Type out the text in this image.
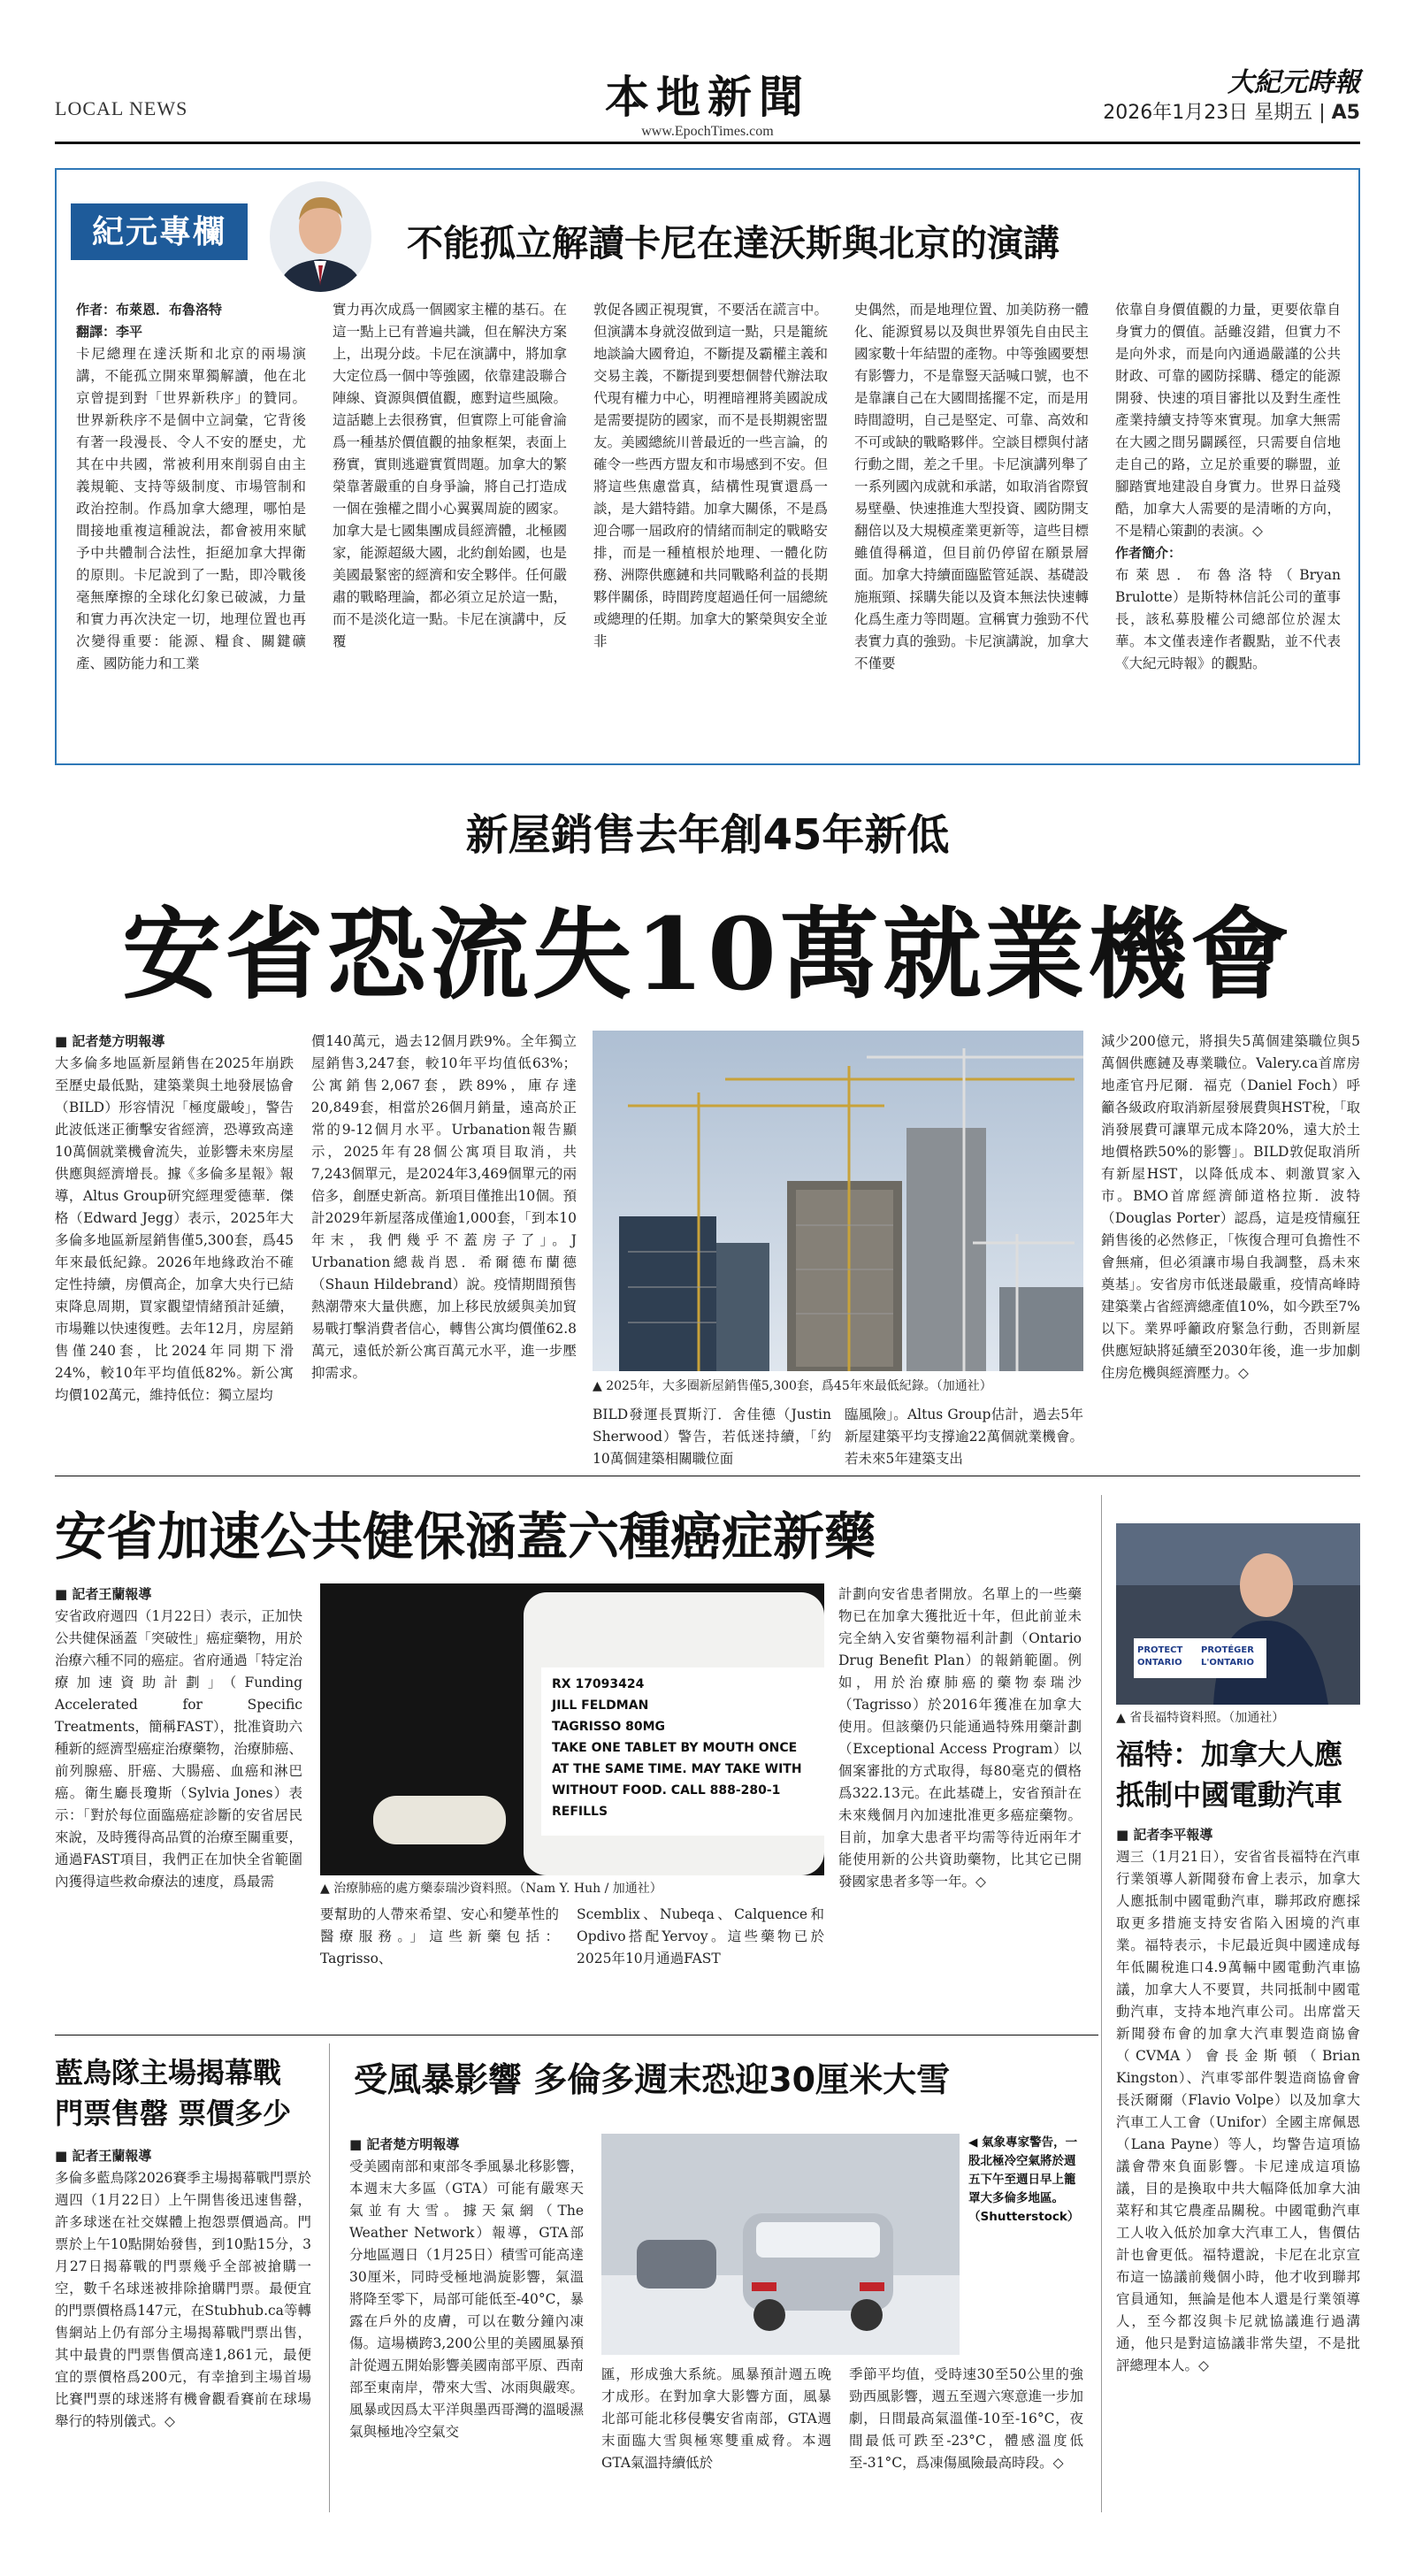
LOCAL NEWS	本地新聞
www.EpochTimes.com
大紀元時報
2026年1月23日 星期五 | A5
紀元專欄	不能孤立解讀卡尼在達沃斯與北京的演講
作者：布萊恩．布魯洛特
翻譯：李平

卡尼總理在達沃斯和北京的兩場演講，不能孤立開來單獨解讀，他在北京曾提到對「世界新秩序」的贊同。世界新秩序不是個中立詞彙，它背後有著一段漫長、令人不安的歷史，尤其在中共國，常被利用來削弱自由主義規範、支持等級制度、市場管制和政治控制。作爲加拿大總理，哪怕是間接地重複這種說法，都會被用來賦予中共體制合法性，拒絕加拿大捍衛的原則。卡尼說到了一點，即冷戰後毫無摩擦的全球化幻象已破滅，力量和實力再次決定一切，地理位置也再次變得重要：能源、糧食、關鍵礦產、國防能力和工業

實力再次成爲一個國家主權的基石。在這一點上已有普遍共識，但在解決方案上，出現分歧。卡尼在演講中，將加拿大定位爲一個中等強國，依靠建設聯合陣線、資源與價值觀，應對這些風險。這話聽上去很務實，但實際上可能會淪爲一種基於價值觀的抽象框架，表面上務實，實則逃避實質問題。加拿大的繁榮靠著嚴重的自身爭論，將自己打造成一個在強權之間小心翼翼周旋的國家。加拿大是七國集團成員經濟體，北極國家，能源超級大國，北約創始國，也是美國最緊密的經濟和安全夥伴。任何嚴肅的戰略理論，都必須立足於這一點，而不是淡化這一點。卡尼在演講中，反覆
敦促各國正視現實，不要活在謊言中。但演講本身就沒做到這一點，只是籠統地談論大國脅迫，不斷提及霸權主義和交易主義，不斷提到要想個替代辦法取代現有權力中心，明裡暗裡將美國說成是需要提防的國家，而不是長期親密盟友。美國總統川普最近的一些言論，的確令一些西方盟友和市場感到不安。但將這些焦慮當真，結構性現實還爲一談，是大錯特錯。加拿大關係，不是爲迎合哪一屆政府的情緒而制定的戰略安排，而是一種植根於地理、一體化防務、洲際供應鏈和共同戰略利益的長期夥伴關係，時間跨度超過任何一屆總統或總理的任期。加拿大的繁榮與安全並非
史偶然，而是地理位置、加美防務一體化、能源貿易以及與世界領先自由民主國家數十年結盟的產物。中等強國要想有影響力，不是靠豎天話喊口號，也不是靠讓自己在大國間搖擺不定，而是用時間證明，自己是堅定、可靠、高效和不可或缺的戰略夥伴。空談目標與付諸行動之間，差之千里。卡尼演講列舉了一系列國內成就和承諾，如取消省際貿易壁壘、快速推進大型投資、國防開支翻倍以及大規模產業更新等，這些目標雖值得稱道，但目前仍停留在願景層面。加拿大持續面臨監管延誤、基礎設施瓶頸、採購失能以及資本無法快速轉化爲生產力等問題。宣稱實力強勁不代表實力真的強勁。卡尼演講說，加拿大不僅要

依靠自身價值觀的力量，更要依靠自身實力的價值。話雖沒錯，但實力不是向外求，而是向內通過嚴謹的公共財政、可靠的國防採購、穩定的能源開發、快速的項目審批以及對生產性產業持續支持等來實現。加拿大無需在大國之間另闢蹊徑，只需要自信地走自己的路，立足於重要的聯盟，並腳踏實地建設自身實力。世界日益殘酷，加拿大人需要的是清晰的方向，不是精心策劃的表演。◇

作者簡介：

布萊恩．布魯洛特（Bryan Brulotte）是斯特林信託公司的董事長，該私募股權公司總部位於渥太華。本文僅表達作者觀點，並不代表《大紀元時報》的觀點。

新屋銷售去年創45年新低
安省恐流失10萬就業機會
■ 記者楚方明報導

大多倫多地區新屋銷售在2025年崩跌至歷史最低點，建築業與土地發展協會（BILD）形容情況「極度嚴峻」，警告此波低迷正衝擊安省經濟，恐導致高達10萬個就業機會流失，並影響未來房屋供應與經濟增長。據《多倫多星報》報導，Altus Group研究經理愛德華．傑格（Edward Jegg）表示，2025年大多倫多地區新屋銷售僅5,300套，爲45年來最低紀錄。2026年地緣政治不確定性持續，房價高企，加拿大央行已結束降息周期，買家觀望情緒預計延續，市場難以快速復甦。去年12月，房屋銷售僅240套，比2024年同期下滑24%，較10年平均值低82%。新公寓均價102萬元，維持低位：獨立屋均

價140萬元，過去12個月跌9%。全年獨立屋銷售3,247套，較10年平均值低63%；公寓銷售2,067套，跌89%，庫存達20,849套，相當於26個月銷量，遠高於正常的9-12個月水平。Urbanation報告顯示，2025年有28個公寓項目取消，共7,243個單元，是2024年3,469個單元的兩倍多，創歷史新高。新項目僅推出10個。預計2029年新屋落成僅逾1,000套，「到本10年末，我們幾乎不蓋房子了」。J Urbanation總裁肖恩．希爾德布蘭德（Shaun Hildebrand）說。疫情期間預售熱潮帶來大量供應，加上移民放緩與美加貿易戰打擊消費者信心，轉售公寓均價僅62.8萬元，遠低於新公寓百萬元水平，進一步壓抑需求。
▲ 2025年，大多圈新屋銷售僅5,300套，爲45年來最低紀錄。（加通社）
BILD發運長賈斯汀．舍佳德（Justin Sherwood）警告，若低迷持續，「約10萬個建築相關職位面
臨風險」。Altus Group估計，過去5年新屋建築平均支撐逾22萬個就業機會。若未來5年建築支出
減少200億元，將損失5萬個建築職位與5萬個供應鏈及專業職位。Valery.ca首席房地產官丹尼爾．福克（Daniel Foch）呼籲各級政府取消新屋發展費與HST稅，「取消發展費可讓單元成本降20%，遠大於土地價格跌50%的影響」。BILD敦促取消所有新屋HST，以降低成本、刺激買家入市。BMO首席經濟師道格拉斯．波特（Douglas Porter）認爲，這是疫情瘋狂銷售後的必然修正，「恢復合理可負擔性不會無痛，但必須讓市場自我調整，爲未來奠基」。安省房市低迷最嚴重，疫情高峰時建築業占省經濟總產值10%，如今跌至7%以下。業界呼籲政府緊急行動，否則新屋供應短缺將延續至2030年後，進一步加劇住房危機與經濟壓力。◇
安省加速公共健保涵蓋六種癌症新藥
■ 記者王蘭報導

安省政府週四（1月22日）表示，正加快公共健保涵蓋「突破性」癌症藥物，用於治療六種不同的癌症。省府通過「特定治療加速資助計劃」（Funding Accelerated for Specific Treatments，簡稱FAST），批准資助六種新的經濟型癌症治療藥物，治療肺癌、前列腺癌、肝癌、大腸癌、血癌和淋巴癌。衛生廳長瓊斯（Sylvia Jones）表示：「對於每位面臨癌症診斷的安省居民來說，及時獲得高品質的治療至關重要，通過FAST項目，我們正在加快全省範圍內獲得這些救命療法的速度，爲最需

RX 17093424
JILL FELDMAN
TAGRISSO 80MG
TAKE ONE TABLET BY MOUTH ONCE
AT THE SAME TIME. MAY TAKE WITH
WITHOUT FOOD. CALL 888-280-1
REFILLS
▲ 治療肺癌的處方藥泰瑞沙資料照。（Nam Y. Huh / 加通社）
要幫助的人帶來希望、安心和變革性的醫療服務。」這些新藥包括：Tagrisso、
Scemblix、Nubeqa、Calquence和Opdivo搭配Yervoy。這些藥物已於2025年10月通過FAST
計劃向安省患者開放。名單上的一些藥物已在加拿大獲批近十年，但此前並未完全納入安省藥物福利計劃（Ontario Drug Benefit Plan）的報銷範圍。例如，用於治療肺癌的藥物泰瑞沙（Tagrisso）於2016年獲准在加拿大使用。但該藥仍只能通過特殊用藥計劃（Exceptional Access Program）以個案審批的方式取得，每80毫克的價格爲322.13元。在此基礎上，安省預計在未來幾個月內加速批准更多癌症藥物。目前，加拿大患者平均需等待近兩年才能使用新的公共資助藥物，比其它已開發國家患者多等一年。◇
PROTECT ONTARIO
PROTÉGER L'ONTARIO
▲ 省長福特資料照。（加通社）
福特：加拿大人應
抵制中國電動汽車
■ 記者李平報導

週三（1月21日），安省省長福特在汽車行業領導人新聞發布會上表示，加拿大人應抵制中國電動汽車，聯邦政府應採取更多措施支持安省陷入困境的汽車業。福特表示，卡尼最近與中國達成每年低關稅進口4.9萬輛中國電動汽車協議，加拿大人不要買，共同抵制中國電動汽車，支持本地汽車公司。出席當天新聞發布會的加拿大汽車製造商協會（CVMA）會長金斯頓（Brian Kingston）、汽車零部件製造商協會會長沃爾爾（Flavio Volpe）以及加拿大汽車工人工會（Unifor）全國主席佩恩（Lana Payne）等人，均警告這項協議會帶來負面影響。卡尼達成這項協議，目的是換取中共大幅降低加拿大油菜籽和其它農產品關稅。中國電動汽車工人收入低於加拿大汽車工人，售價估計也會更低。福特還說，卡尼在北京宣布這一協議前幾個小時，他才收到聯邦官員通知，無論是他本人還是行業領導人，至今都沒與卡尼就協議進行過溝通，他只是對這協議非常失望，不是批評總理本人。◇

藍鳥隊主場揭幕戰
門票售罄 票價多少
■ 記者王蘭報導

多倫多藍鳥隊2026賽季主場揭幕戰門票於週四（1月22日）上午開售後迅速售罄，許多球迷在社交媒體上抱怨票價過高。門票於上午10點開始發售，到10點15分，3月27日揭幕戰的門票幾乎全部被搶購一空，數千名球迷被排除搶購門票。最便宜的門票價格爲147元，在Stubhub.ca等轉售網站上仍有部分主場揭幕戰門票出售，其中最貴的門票售價高達1,861元，最便宜的票價格爲200元，有幸搶到主場首場比賽門票的球迷將有機會觀看賽前在球場舉行的特別儀式。◇

受風暴影響 多倫多週末恐迎30厘米大雪
■ 記者楚方明報導

受美國南部和東部冬季風暴北移影響，本週末大多區（GTA）可能有嚴寒天氣並有大雪。據天氣網（The Weather Network）報導，GTA部分地區週日（1月25日）積雪可能高達30厘米，同時受極地渦旋影響，氣溫將降至零下，局部可能低至-40°C，暴露在戶外的皮膚，可以在數分鐘內凍傷。這場橫跨3,200公里的美國風暴預計從週五開始影響美國南部平原、西南部至東南岸，帶來大雪、冰雨與嚴寒。風暴或因爲太平洋與墨西哥灣的溫暖濕氣與極地冷空氣交

◀ 氣象專家警告，一股北極冷空氣將於週五下午至週日早上籠罩大多倫多地區。（Shutterstock）
匯，形成強大系統。風暴預計週五晚才成形。在對加拿大影響方面，風暴北部可能北移侵襲安省南部，GTA週末面臨大雪與極寒雙重威脅。本週GTA氣溫持續低於
季節平均值，受時速30至50公里的強勁西風影響，週五至週六寒意進一步加劇，日間最高氣溫僅-10至-16°C，夜間最低可跌至-23°C，體感溫度低至-31°C，爲凍傷風險最高時段。◇
